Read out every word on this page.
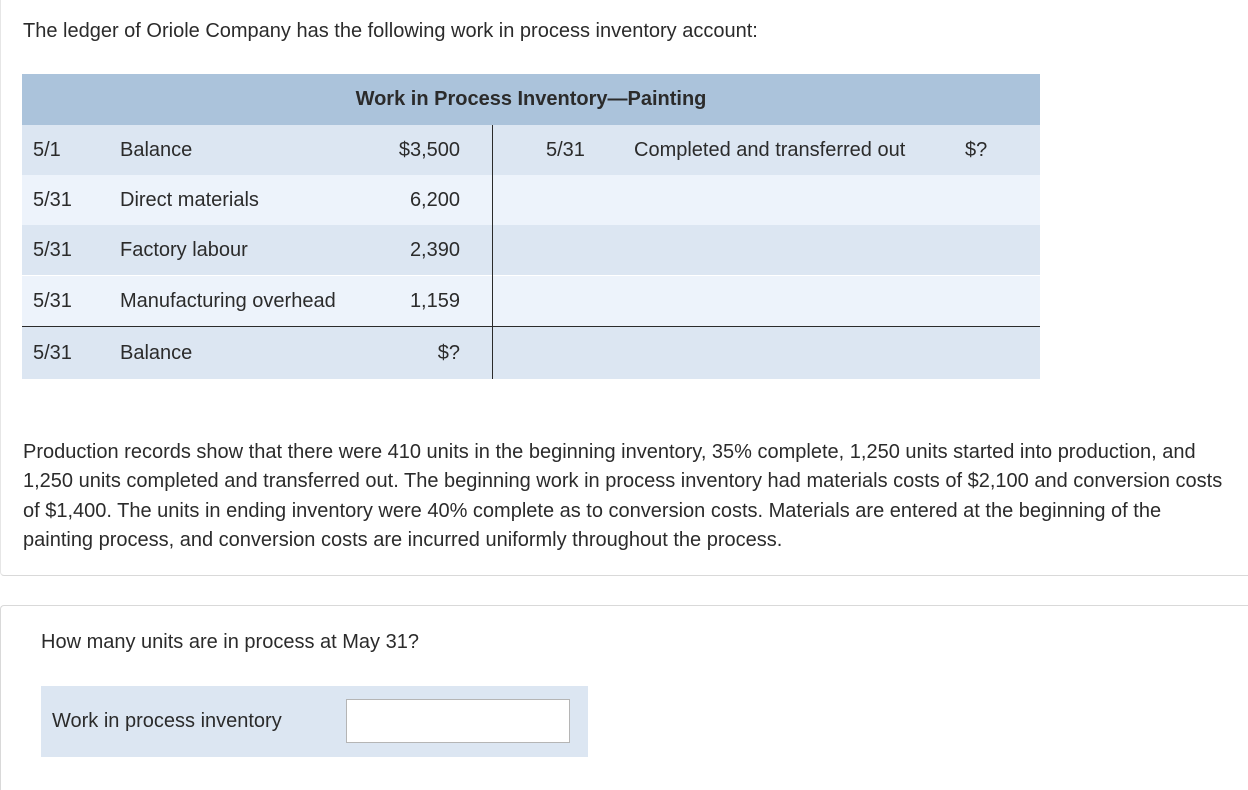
The ledger of Oriole Company has the following work in process inventory account:

Work in Process Inventory—Painting
5/1	Balance	$3,500	5/31 Completed and transferred out	$?
5/31 Direct materials	6,200
5/31 Factory labour	2,390
5/31 Manufacturing overhead	1,159
5/31 Balance	$?

Production records show that there were 410 units in the beginning inventory, 35% complete, 1,250 units started into production, and 1,250 units completed and transferred out. The beginning work in process inventory had materials costs of $2,100 and conversion costs of $1,400. The units in ending inventory were 40% complete as to conversion costs. Materials are entered at the beginning of the painting process, and conversion costs are incurred uniformly throughout the process.

How many units are in process at May 31?

Work in process inventory
